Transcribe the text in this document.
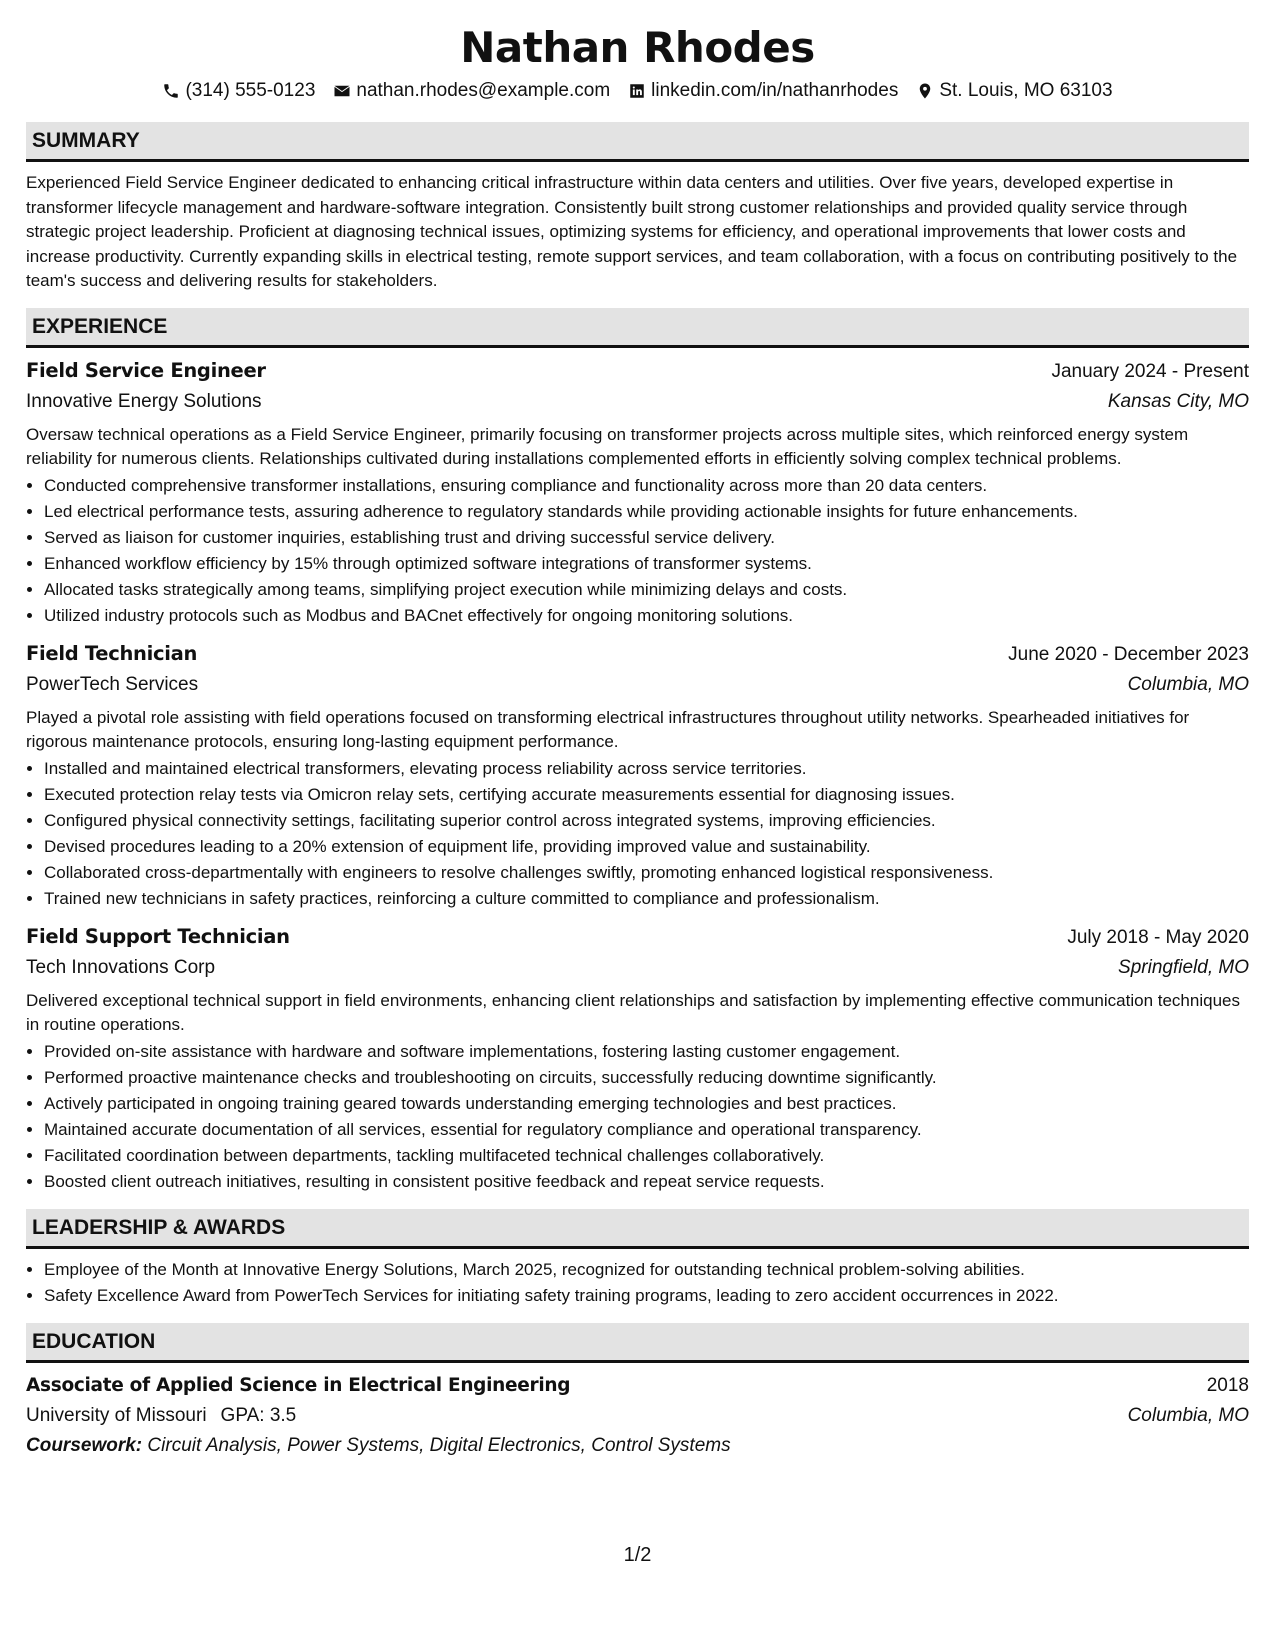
Nathan Rhodes
(314) 555-0123 nathan.rhodes@example.com linkedin.com/in/nathanrhodes St. Louis, MO 63103
SUMMARY

Experienced Field Service Engineer dedicated to enhancing critical infrastructure within data centers and utilities. Over five years, developed expertise in transformer lifecycle management and hardware-software integration. Consistently built strong customer relationships and provided quality service through strategic project leadership. Proficient at diagnosing technical issues, optimizing systems for efficiency, and operational improvements that lower costs and increase productivity. Currently expanding skills in electrical testing, remote support services, and team collaboration, with a focus on contributing positively to the team's success and delivering results for stakeholders.

EXPERIENCE
Field Service Engineer	January 2024 - Present
Innovative Energy Solutions	Kansas City, MO
Oversaw technical operations as a Field Service Engineer, primarily focusing on transformer projects across multiple sites, which reinforced energy system reliability for numerous clients. Relationships cultivated during installations complemented efforts in efficiently solving complex technical problems.
• Conducted comprehensive transformer installations, ensuring compliance and functionality across more than 20 data centers.
• Led electrical performance tests, assuring adherence to regulatory standards while providing actionable insights for future enhancements.
• Served as liaison for customer inquiries, establishing trust and driving successful service delivery.
• Enhanced workflow efficiency by 15% through optimized software integrations of transformer systems.
• Allocated tasks strategically among teams, simplifying project execution while minimizing delays and costs.
• Utilized industry protocols such as Modbus and BACnet effectively for ongoing monitoring solutions.
Field Technician	June 2020 - December 2023
PowerTech Services	Columbia, MO
Played a pivotal role assisting with field operations focused on transforming electrical infrastructures throughout utility networks. Spearheaded initiatives for rigorous maintenance protocols, ensuring long-lasting equipment performance.
• Installed and maintained electrical transformers, elevating process reliability across service territories.
• Executed protection relay tests via Omicron relay sets, certifying accurate measurements essential for diagnosing issues.
• Configured physical connectivity settings, facilitating superior control across integrated systems, improving efficiencies.
• Devised procedures leading to a 20% extension of equipment life, providing improved value and sustainability.
• Collaborated cross-departmentally with engineers to resolve challenges swiftly, promoting enhanced logistical responsiveness.
• Trained new technicians in safety practices, reinforcing a culture committed to compliance and professionalism.
Field Support Technician	July 2018 - May 2020
Tech Innovations Corp	Springfield, MO
Delivered exceptional technical support in field environments, enhancing client relationships and satisfaction by implementing effective communication techniques in routine operations.
• Provided on-site assistance with hardware and software implementations, fostering lasting customer engagement.
• Performed proactive maintenance checks and troubleshooting on circuits, successfully reducing downtime significantly.
• Actively participated in ongoing training geared towards understanding emerging technologies and best practices.
• Maintained accurate documentation of all services, essential for regulatory compliance and operational transparency.
• Facilitated coordination between departments, tackling multifaceted technical challenges collaboratively.
• Boosted client outreach initiatives, resulting in consistent positive feedback and repeat service requests.
LEADERSHIP & AWARDS
• Employee of the Month at Innovative Energy Solutions, March 2025, recognized for outstanding technical problem-solving abilities.
• Safety Excellence Award from PowerTech Services for initiating safety training programs, leading to zero accident occurrences in 2022.
EDUCATION
Associate of Applied Science in Electrical Engineering	2018
University of Missouri GPA: 3.5	Columbia, MO
Coursework: Circuit Analysis, Power Systems, Digital Electronics, Control Systems
1/2
